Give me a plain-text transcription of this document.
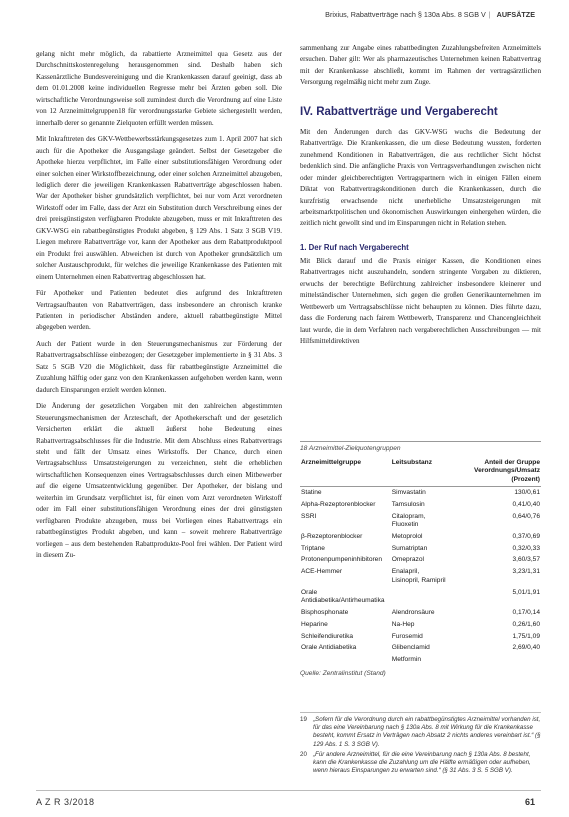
Brixius, Rabattverträge nach § 130a Abs. 8 SGB V | AUFSÄTZE

gelang nicht mehr möglich, da rabattierte Arzneimittel qua Gesetz aus der Durchschnittskostenregelung herausgenommen sind. Deshalb haben sich Kassenärztliche Bundesvereinigung und die Krankenkassen darauf geeinigt, dass ab dem 01.01.2008 keine individuellen Regresse mehr bei Ärzten geben soll. Die wirtschaftliche Verordnungsweise soll zumindest durch die Verordnung auf eine Liste von 12 Arzneimittelgruppen18 für verordnungsstarke Gebiete sichergestellt werden, innerhalb derer so genannte Zielquoten erfüllt werden müssen.

Mit Inkrafttreten des GKV-Wettbewerbsstärkungsgesetzes zum 1. April 2007 hat sich auch für die Apotheker die Ausgangslage geändert. Selbst der Gesetzgeber die Apotheke hierzu verpflichtet, im Falle einer substitutionsfähigen Verordnung oder einer solchen einer Wirkstoffbezeichnung, oder einer solchen Arzneimittel abzugeben, lediglich derer die jeweiligen Krankenkassen Rabattverträge abgeschlossen haben. War der Apotheker bisher grundsätzlich verpflichtet, bei nur vom Arzt verordneten Wirkstoff oder im Falle, dass der Arzt ein Substitution durch Verschreibung eines der drei preisgünstigsten verfügbaren Produkte abzugeben, muss er mit Inkrafttreten des GKV-WSG ein rabattbegünstigtes Produkt abgeben, § 129 Abs. 1 Satz 3 SGB V19. Liegen mehrere Rabattverträge vor, kann der Apotheker aus dem Rabattproduktpool ein Produkt frei auswählen. Abweichen ist durch von Apotheker grundsätzlich um solcher Austauschprodukt, für welches die jeweilige Krankenkasse des Patienten mit einem Unternehmen einen Rabattvertrag abgeschlossen hat.

Für Apotheker und Patienten bedeutet dies aufgrund des Inkrafttreten Vertragsaufbauten von Rabattverträgen, dass insbesondere an chronisch kranke Patienten in periodischer Abständen andere, aktuell rabattbegünstigte Mittel abgegeben werden.

Auch der Patient wurde in den Steuerungsmechanismus zur Förderung der Rabattvertragsabschlüsse einbezogen; der Gesetzgeber implementierte in § 31 Abs. 3 Satz 5 SGB V20 die Möglichkeit, dass für rabattbegünstigte Arzneimittel die Zuzahlung hälftig oder ganz von den Krankenkassen aufgehoben werden kann, wenn dadurch Einsparungen erzielt werden können.

Die Änderung der gesetzlichen Vorgaben mit den zahlreichen abgestimmten Steuerungsmechanismen der Ärzteschaft, der Apothekerschaft und der gesetzlich Versicherten erklärt die aktuell äußerst hohe Bedeutung eines Rabattvertragsabschlusses für die Industrie. Mit dem Abschluss eines Rabattvertrags steht und fällt der Umsatz eines Wirkstoffs. Der Chance, durch einen Vertragsabschluss Umsatzsteigerungen zu verzeichnen, steht die erheblichen wirtschaftlichen Konsequenzen eines Vertragsabschlusses durch einen Mitbewerber auf die eigene Umsatzentwicklung gegenüber. Der Apotheker, der bislang und weiterhin im Grundsatz verpflichtet ist, für einen vom Arzt verordneten Wirkstoff oder im Fall einer substitutionsfähigen Verordnung eines der drei günstigsten verfügbaren Produkte abzugeben, muss bei Vorliegen eines Rabattvertrags ein rabattbegünstigtes Produkt abgeben, und kann – soweit mehrere Rabattverträge vorliegen – aus dem bestehenden Rabattprodukte-Pool frei wählen. Der Patient wird in diesem Zu-

sammenhang zur Angabe eines rabattbedingten Zuzahlungsbefreiten Arzneimittels ersuchen. Daher gilt: Wer als pharmazeutisches Unternehmen keinen Rabattvertrag mit der Krankenkasse abschließt, kommt im Rahmen der vertragsärztlichen Versorgung regelmäßig nicht mehr zum Zuge.

IV. Rabattverträge und Vergaberecht

Mit den Änderungen durch das GKV-WSG wuchs die Bedeutung der Rabattverträge. Die Krankenkassen, die um diese Bedeutung wussten, forderten zunehmend Konditionen in Rabattverträgen, die aus rechtlicher Sicht höchst bedenklich sind. Die anfängliche Praxis von Vertragsverhandlungen zwischen nicht oder minder gleichberechtigten Vertragspartnern wich in einigen Fällen einem Diktat von Rabattvertragskonditionen durch die Krankenkassen, durch die kurzfristig erwachsende nicht unerhebliche Umsatzsteigerungen mit arbeitsmarktpolitischen und ökonomischen Auswirkungen einhergehen würden, die zeitlich nicht gewollt sind und im Einsparungen nicht in Relation stehen.

1. Der Ruf nach Vergaberecht

Mit Blick darauf und die Praxis einiger Kassen, die Konditionen eines Rabattvertrages nicht auszuhandeln, sondern stringente Vorgaben zu diktieren, erwuchs der berechtigte Befürchtung zahlreicher insbesondere kleinerer und mittelständischer Unternehmen, sich gegen die großen Generikaunternehmen im Wettbewerb um Vertragsabschlüsse nicht behaupten zu können. Dies führte dazu, dass die Forderung nach fairem Wettbewerb, Transparenz und Chancengleichheit laut wurde, die in dem Verfahren nach vergaberechtlichen Ausschreibungen — mit Hilfsmitteldirektiven

18 Arzneimittel-Zielquotengruppen
Arzneimittelgruppe	Leitsubstanz	Anteil der Gruppe Verordnungs/Umsatz (Prozent)
Statine	Simvastatin	130/0,61
Alpha-Rezeptorenblocker	Tamsulosin	0,41/0,40
SSRI	Citalopram, Fluoxetin	0,64/0,76
β-Rezeptorenblocker	Metoprolol	0,37/0,69
Triptane	Sumatriptan	0,32/0,33
Protonenpumpeninhibitoren	Omeprazol	3,60/3,57
ACE-Hemmer	Enalapril, Lisinopril, Ramipril	3,23/1,31
Orale Antidiabetika/Antirheumatika		5,01/1,91
Bisphosphonate	Alendronsäure	0,17/0,14
Heparine	Na-Hep	0,26/1,60
Schleifendiuretika	Furosemid	1,75/1,09
Orale Antidiabetika	Glibenclamid	2,69/0,40
	Metformin	
Quelle: Zentralinstitut (Stand)
19 „Sofern für die Verordnung durch ein rabattbegünstigtes Arzneimittel vorhanden ist, für das eine Vereinbarung nach § 130a Abs. 8 mit Wirkung für die Krankenkasse besteht, kommt Ersatz in Verträgen nach Absatz 2 nichts anderes vereinbart ist.“ (§ 129 Abs. 1 S. 3 SGB V).
20 „Für andere Arzneimittel, für die eine Vereinbarung nach § 130a Abs. 8 besteht, kann die Krankenkasse die Zuzahlung um die Hälfte ermäßigen oder aufheben, wenn hieraus Einsparungen zu erwarten sind.“ (§ 31 Abs. 3 S. 5 SGB V).
A Z R 3/2018	61
